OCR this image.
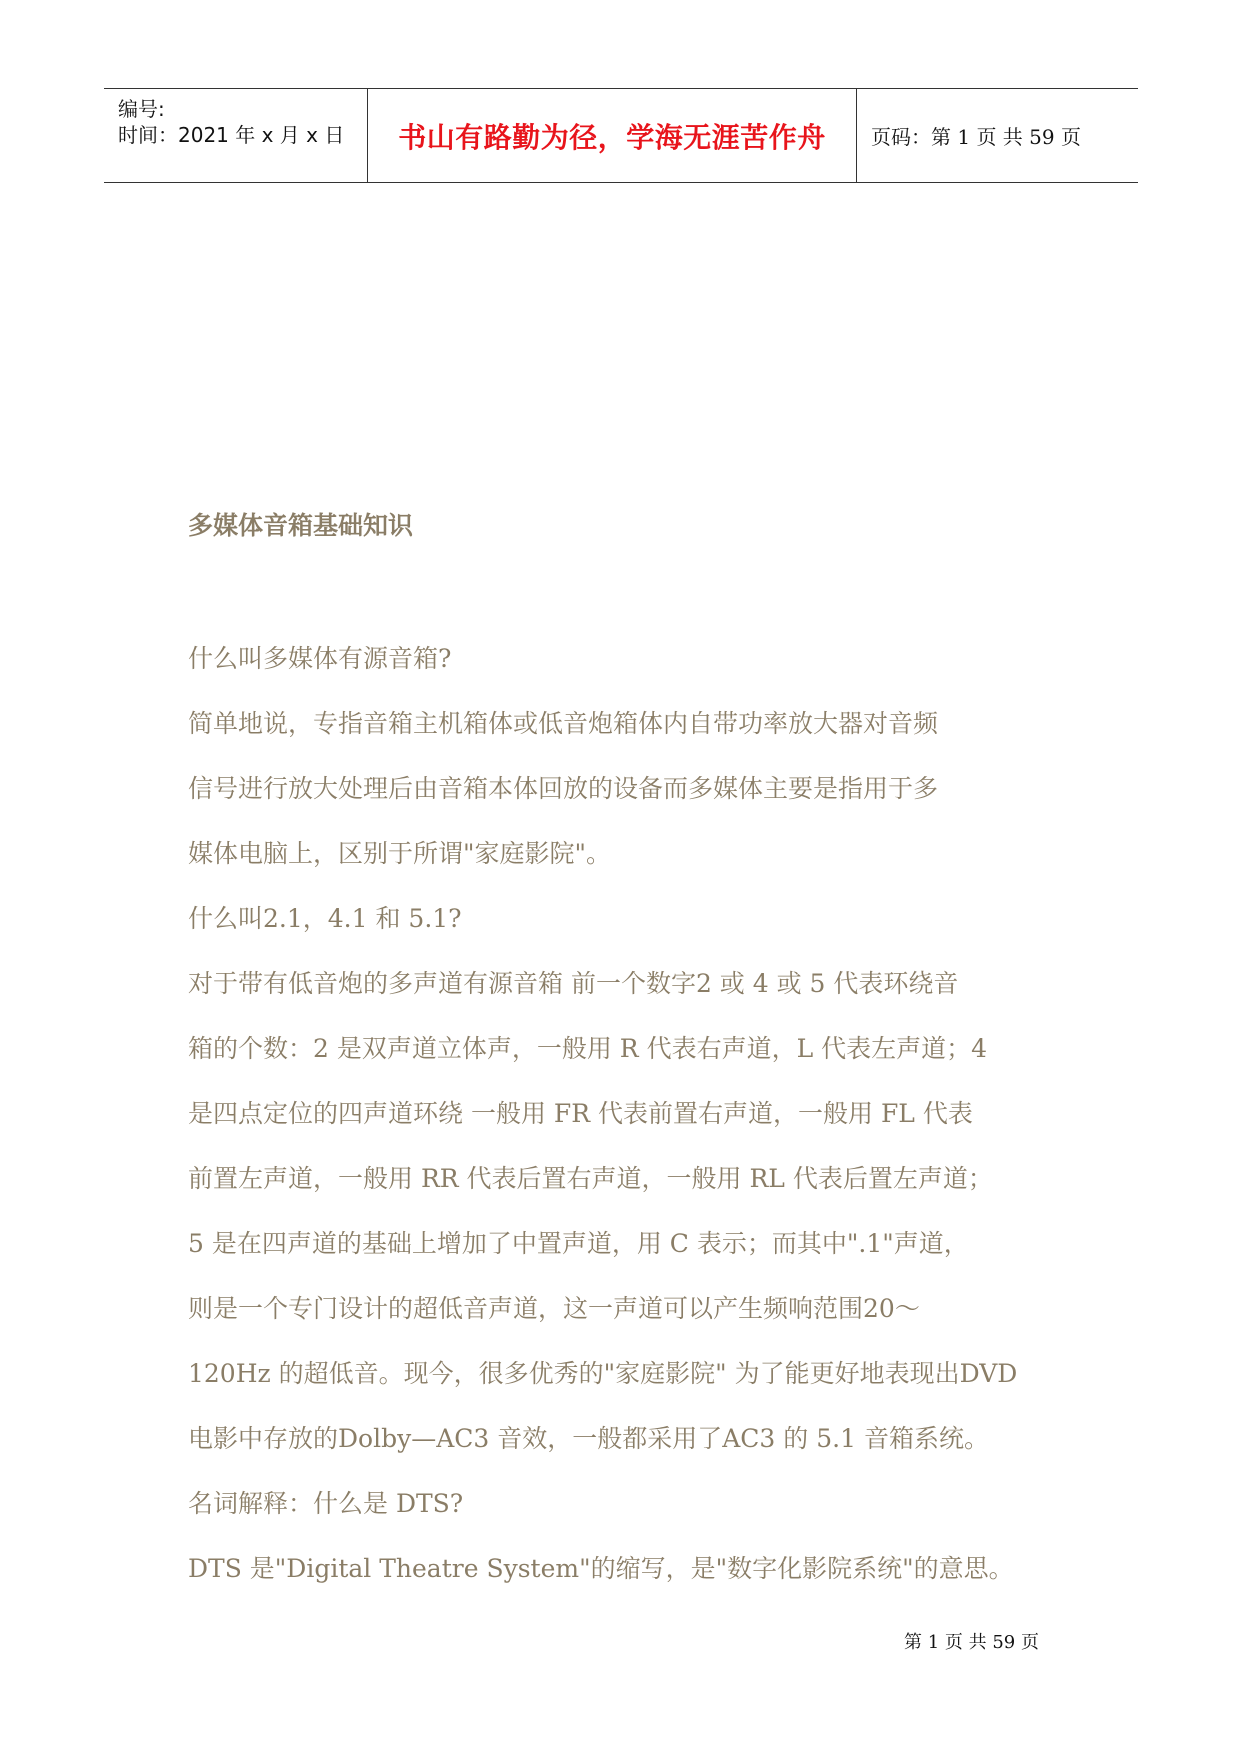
编号:
时间：2021 年 x 月 x 日	书山有路勤为径，学海无涯苦作舟	页码：第 1 页 共 59 页
多媒体音箱基础知识
什么叫多媒体有源音箱?
简单地说，专指音箱主机箱体或低音炮箱体内自带功率放大器对音频
信号进行放大处理后由音箱本体回放的设备而多媒体主要是指用于多
媒体电脑上，区别于所谓"家庭影院"。
什么叫2.1，4.1 和 5.1?
对于带有低音炮的多声道有源音箱 前一个数字2 或 4 或 5 代表环绕音
箱的个数：2 是双声道立体声，一般用 R 代表右声道，L 代表左声道；4
是四点定位的四声道环绕 一般用 FR 代表前置右声道，一般用 FL 代表
前置左声道，一般用 RR 代表后置右声道，一般用 RL 代表后置左声道；
5 是在四声道的基础上增加了中置声道，用 C 表示；而其中".1"声道，
则是一个专门设计的超低音声道，这一声道可以产生频响范围20～
120Hz 的超低音。现今，很多优秀的"家庭影院" 为了能更好地表现出DVD
电影中存放的Dolby—AC3 音效，一般都采用了AC3 的 5.1 音箱系统。
名词解释：什么是 DTS?
DTS 是"Digital Theatre System"的缩写，是"数字化影院系统"的意思。
第 1 页 共 59 页
